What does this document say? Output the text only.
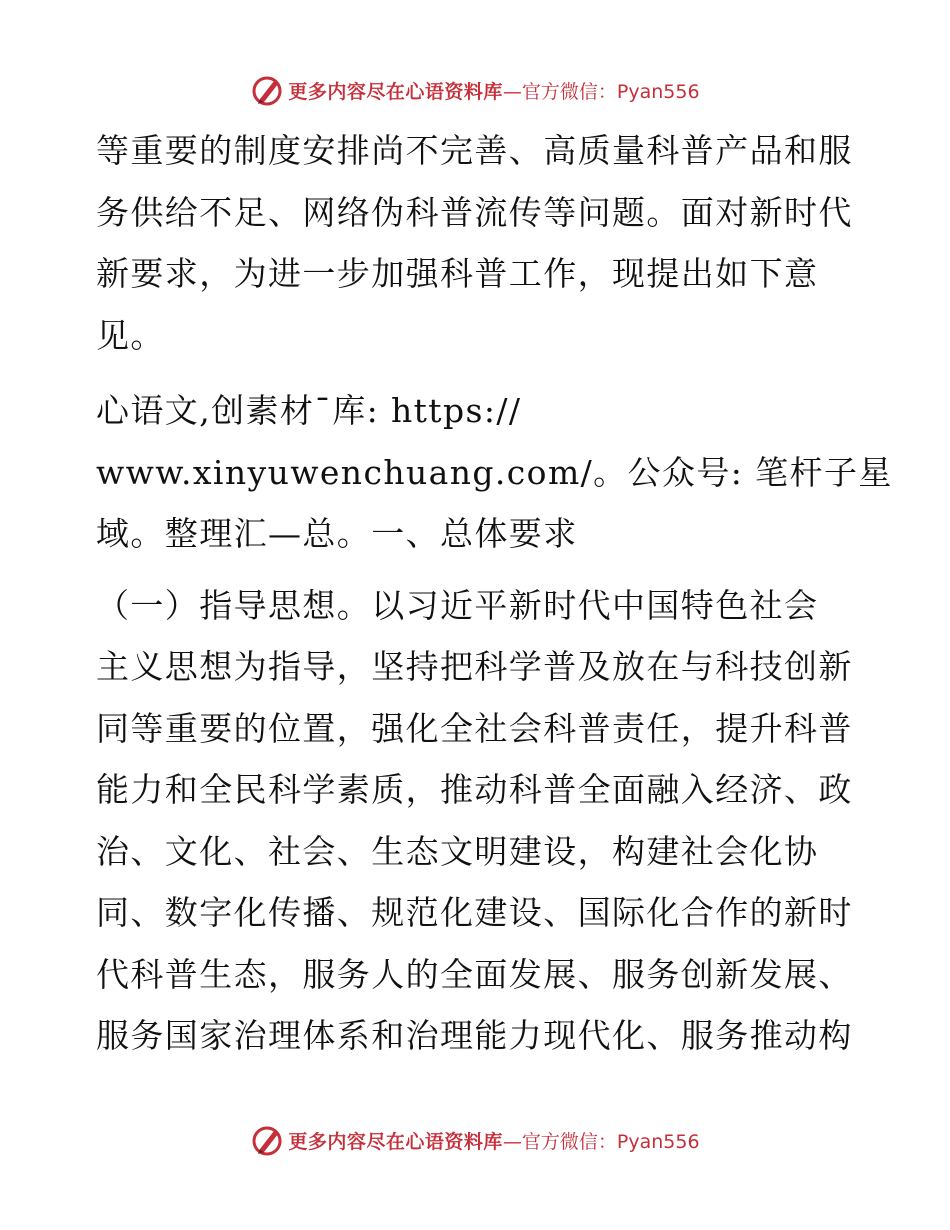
更多内容尽在心语资料库 —官方微信：Pyan556

等重要的制度安排尚不完善、高质量科普产品和服
务供给不足、网络伪科普流传等问题。面对新时代
新要求，为进一步加强科普工作，现提出如下意
见。

心语文,创素材¯库: https://
www.xinyuwenchuang.com/。公众号: 笔杆子星
域。整理汇—总。一、总体要求

（一）指导思想。以习近平新时代中国特色社会
主义思想为指导，坚持把科学普及放在与科技创新
同等重要的位置，强化全社会科普责任，提升科普
能力和全民科学素质，推动科普全面融入经济、政
治、文化、社会、生态文明建设，构建社会化协
同、数字化传播、规范化建设、国际化合作的新时
代科普生态，服务人的全面发展、服务创新发展、
服务国家治理体系和治理能力现代化、服务推动构

更多内容尽在心语资料库 —官方微信：Pyan556
